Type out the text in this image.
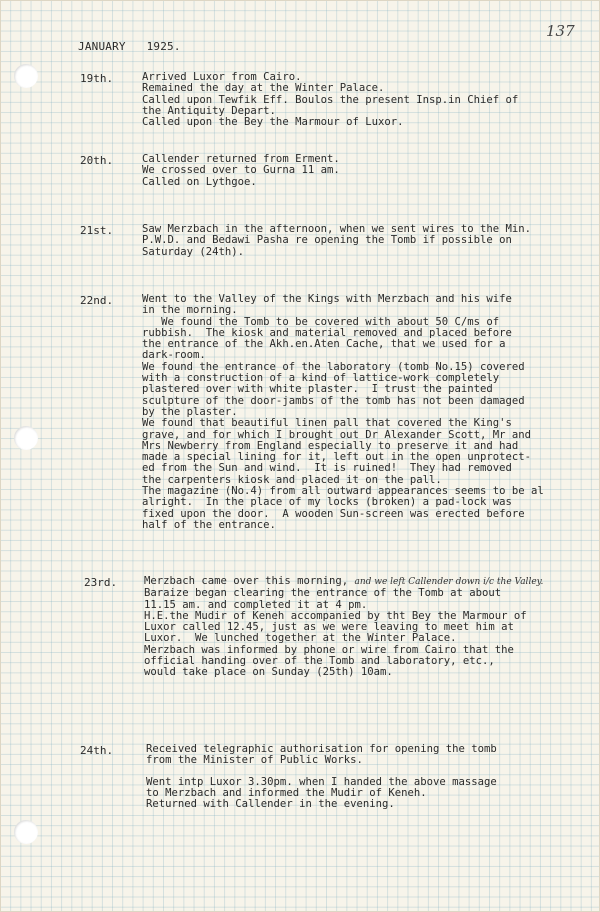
137
JANUARY 1925.
19th.	Arrived Luxor from Cairo.
Remained the day at the Winter Palace.
Called upon Tewfik Eff. Boulos the present Insp.in Chief of
the Antiquity Depart.
Called upon the Bey the Marmour of Luxor.
20th.	Callender returned from Erment.
We crossed over to Gurna 11 am.
Called on Lythgoe.
21st.	Saw Merzbach in the afternoon, when we sent wires to the Min.
P.W.D. and Bedawi Pasha re opening the Tomb if possible on
Saturday (24th).
22nd.	Went to the Valley of the Kings with Merzbach and his wife
in the morning.
We found the Tomb to be covered with about 50 C/ms of
rubbish.  The kiosk and material removed and placed before
the entrance of the Akh.en.Aten Cache, that we used for a
dark-room.
We found the entrance of the laboratory (tomb No.15) covered
with a construction of a kind of lattice-work completely
plastered over with white plaster.  I trust the painted
sculpture of the door-jambs of the tomb has not been damaged
by the plaster.
We found that beautiful linen pall that covered the King's
grave, and for which I brought out Dr Alexander Scott, Mr and
Mrs Newberry from England especially to preserve it and had
made a special lining for it, left out in the open unprotect-
ed from the Sun and wind.  It is ruined!  They had removed
the carpenters kiosk and placed it on the pall.
The magazine (No.4) from all outward appearances seems to be al
alright.  In the place of my locks (broken) a pad-lock was
fixed upon the door.  A wooden Sun-screen was erected before
half of the entrance.
23rd.	Merzbach came over this morning, and we left Callender down i/c the Valley.
Baraize began clearing the entrance of the Tomb at about
11.15 am. and completed it at 4 pm.
H.E.the Mudir of Keneh accompanied by tht Bey the Marmour of
Luxor called 12.45, just as we were leaving to meet him at
Luxor.  We lunched together at the Winter Palace.
Merzbach was informed by phone or wire from Cairo that the
official handing over of the Tomb and laboratory, etc.,
would take place on Sunday (25th) 10am.
24th.	Received telegraphic authorisation for opening the tomb
from the Minister of Public Works.
Went intp Luxor 3.30pm. when I handed the above massage
to Merzbach and informed the Mudir of Keneh.
Returned with Callender in the evening.
